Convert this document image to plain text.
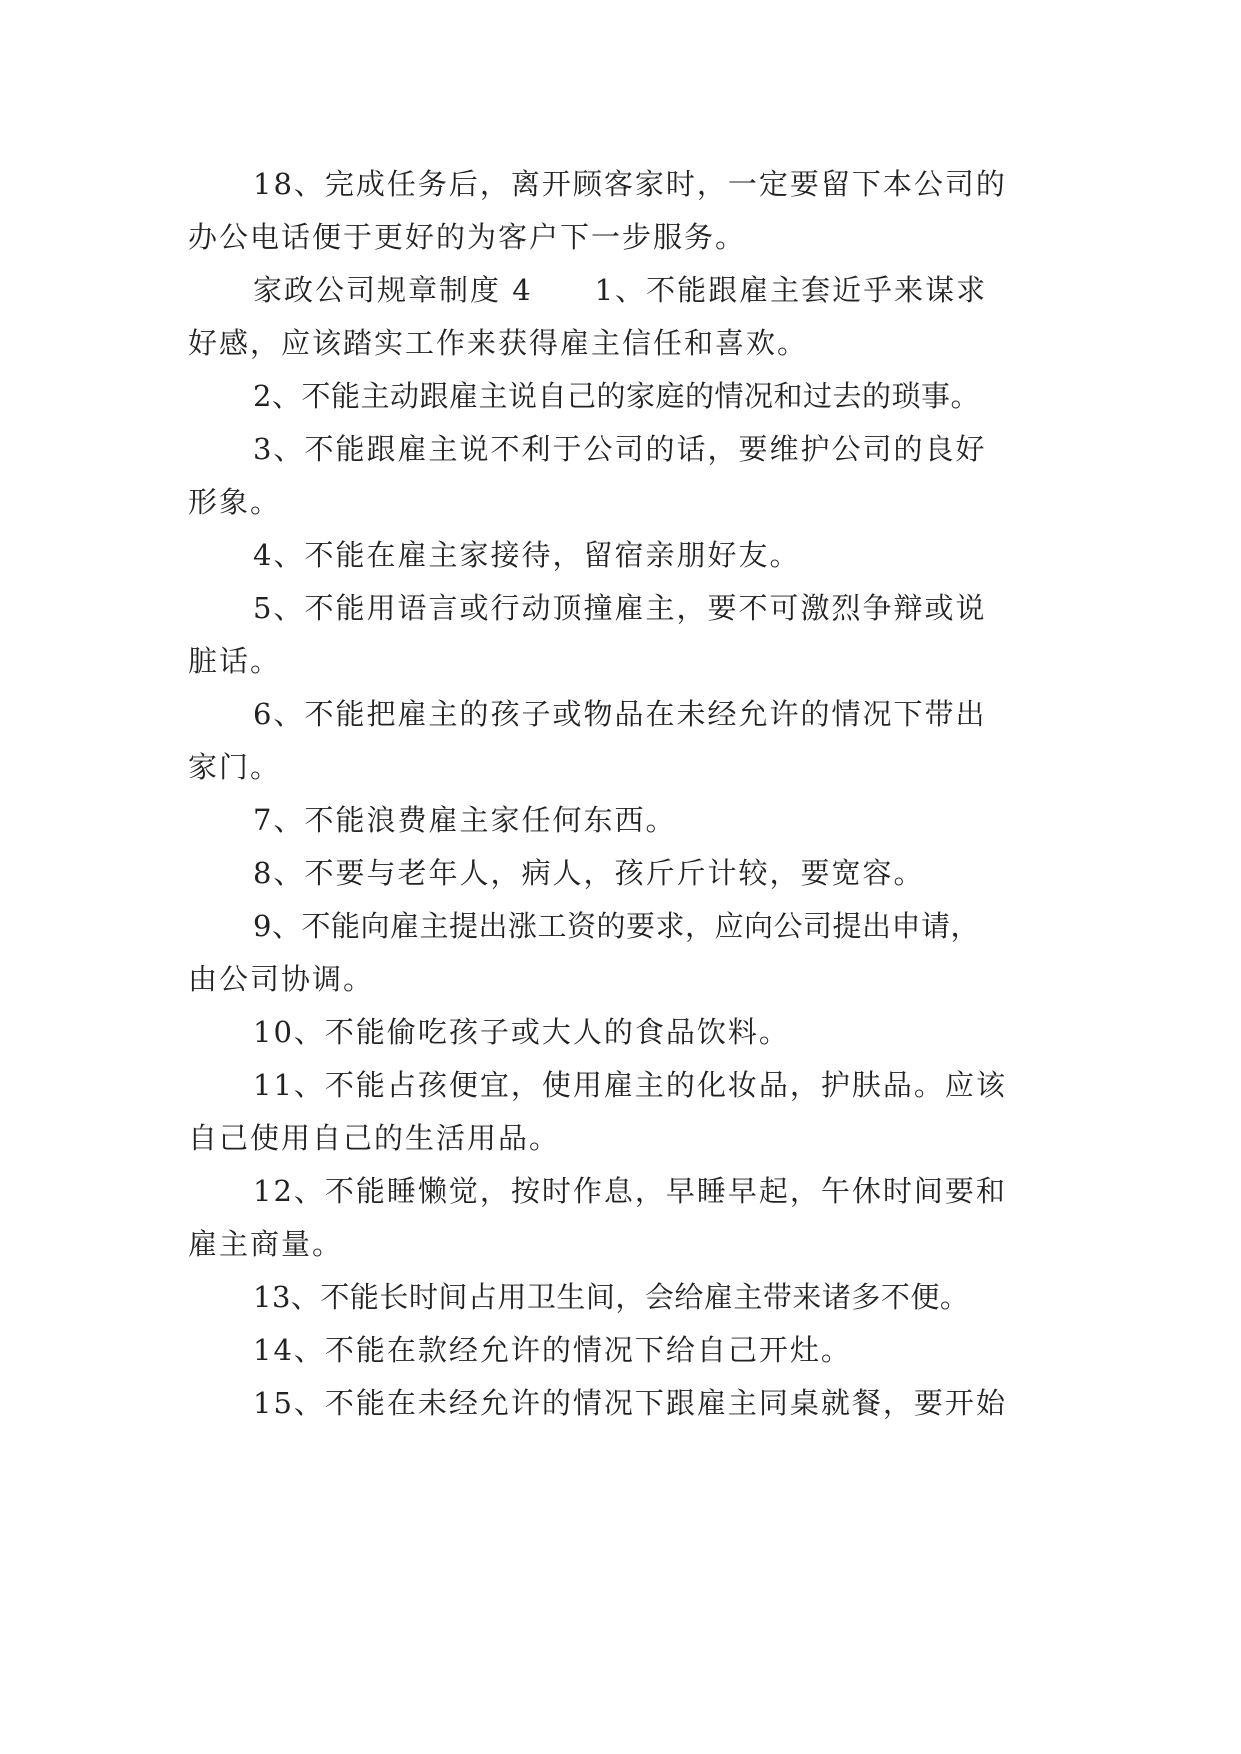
18、完成任务后，离开顾客家时，一定要留下本公司的
办公电话便于更好的为客户下一步服务。
家政公司规章制度 4　　1、不能跟雇主套近乎来谋求
好感，应该踏实工作来获得雇主信任和喜欢。
2、不能主动跟雇主说自己的家庭的情况和过去的琐事。
3、不能跟雇主说不利于公司的话，要维护公司的良好
形象。
4、不能在雇主家接待，留宿亲朋好友。
5、不能用语言或行动顶撞雇主，要不可激烈争辩或说
脏话。
6、不能把雇主的孩子或物品在未经允许的情况下带出
家门。
7、不能浪费雇主家任何东西。
8、不要与老年人，病人，孩斤斤计较，要宽容。
9、不能向雇主提出涨工资的要求，应向公司提出申请，
由公司协调。
10、不能偷吃孩子或大人的食品饮料。
11、不能占孩便宜，使用雇主的化妆品，护肤品。应该
自己使用自己的生活用品。
12、不能睡懒觉，按时作息，早睡早起，午休时间要和
雇主商量。
13、不能长时间占用卫生间，会给雇主带来诸多不便。
14、不能在款经允许的情况下给自己开灶。
15、不能在未经允许的情况下跟雇主同桌就餐，要开始
